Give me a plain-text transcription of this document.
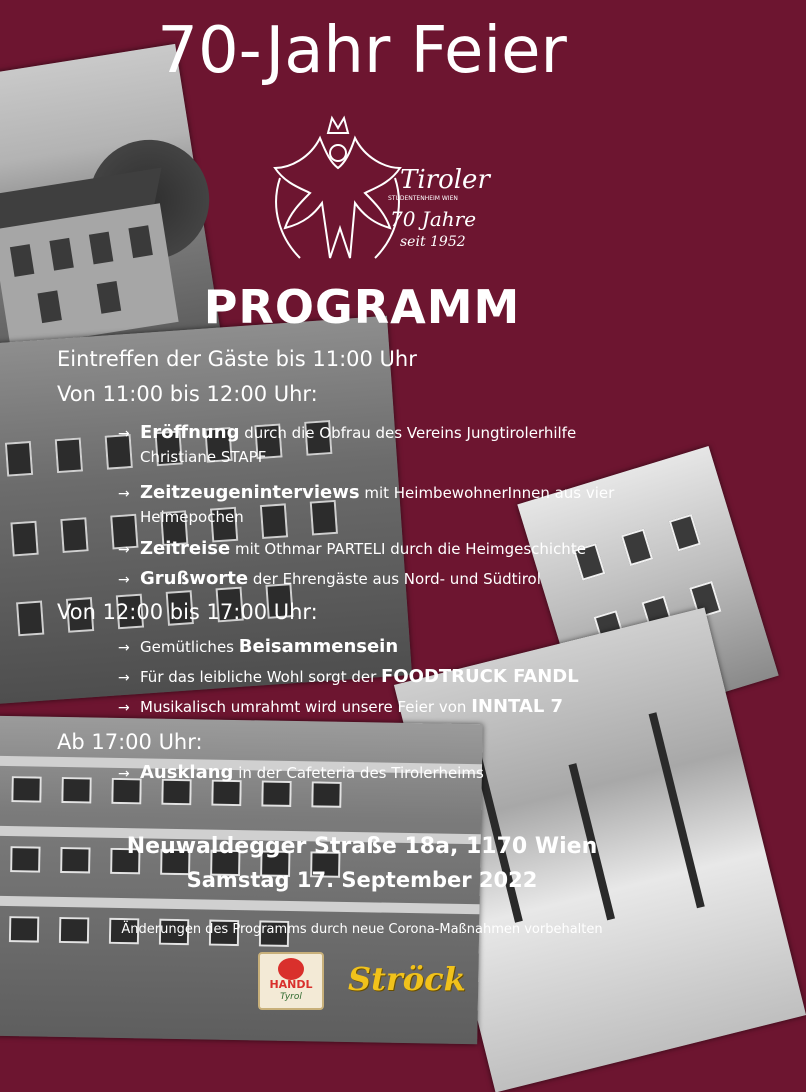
70-Jahr Feier
Tiroler
STUDENTENHEIM WIEN
70 Jahre
seit 1952
PROGRAMM
Eintreffen der Gäste bis 11:00 Uhr
Von 11:00 bis 12:00 Uhr:
→ Eröffnung durch die Obfrau des Vereins Jungtirolerhilfe
Christiane STAPF
→ Zeitzeugeninterviews mit HeimbewohnerInnen aus vier
Heimepochen
→ Zeitreise mit Othmar PARTELI durch die Heimgeschichte
→ Grußworte der Ehrengäste aus Nord- und Südtirol
Von 12:00 bis 17:00 Uhr:
→ Gemütliches Beisammensein
→ Für das leibliche Wohl sorgt der FOODTRUCK FANDL
→ Musikalisch umrahmt wird unsere Feier von INNTAL 7
Ab 17:00 Uhr:
→ Ausklang in der Cafeteria des Tirolerheims
Neuwaldegger Straße 18a, 1170 Wien
Samstag 17. September 2022
Änderungen des Programms durch neue Corona-Maßnahmen vorbehalten
HANDL
Tyrol	Ströck
